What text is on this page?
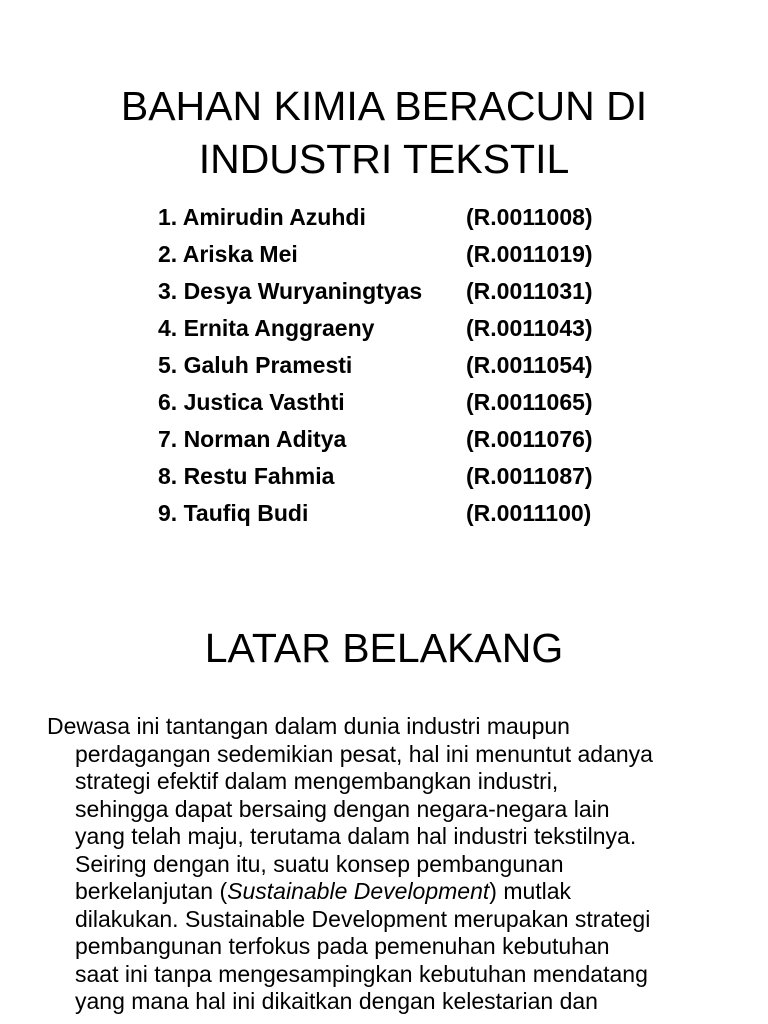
BAHAN KIMIA BERACUN DI
INDUSTRI TEKSTIL
1. Amirudin Azuhdi	(R.0011008)
2. Ariska Mei	(R.0011019)
3. Desya Wuryaningtyas	(R.0011031)
4. Ernita Anggraeny	(R.0011043)
5. Galuh Pramesti	(R.0011054)
6. Justica Vasthti	(R.0011065)
7. Norman Aditya	(R.0011076)
8. Restu Fahmia	(R.0011087)
9. Taufiq Budi	(R.0011100)
LATAR BELAKANG

Dewasa ini tantangan dalam dunia industri maupun
perdagangan sedemikian pesat, hal ini menuntut adanya
strategi efektif dalam mengembangkan industri,
sehingga dapat bersaing dengan negara-negara lain
yang telah maju, terutama dalam hal industri tekstilnya.
Seiring dengan itu, suatu konsep pembangunan
berkelanjutan (Sustainable Development) mutlak
dilakukan. Sustainable Development merupakan strategi
pembangunan terfokus pada pemenuhan kebutuhan
saat ini tanpa mengesampingkan kebutuhan mendatang
yang mana hal ini dikaitkan dengan kelestarian dan
